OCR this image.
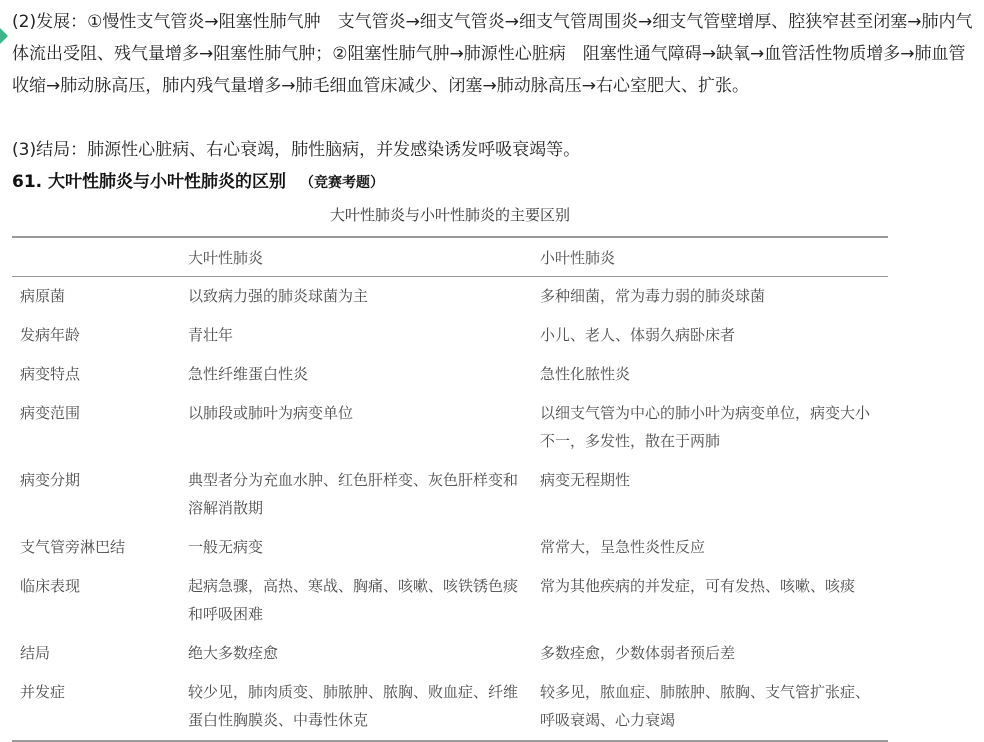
(2)发展：①慢性支气管炎→阻塞性肺气肿　支气管炎→细支气管炎→细支气管周围炎→细支气管壁增厚、腔狭窄甚至闭塞→肺内气体流出受阻、残气量增多→阻塞性肺气肿；②阻塞性肺气肿→肺源性心脏病　阻塞性通气障碍→缺氧→血管活性物质增多→肺血管收缩→肺动脉高压，肺内残气量增多→肺毛细血管床减少、闭塞→肺动脉高压→右心室肥大、扩张。

(3)结局：肺源性心脏病、右心衰竭，肺性脑病，并发感染诱发呼吸衰竭等。

61. 大叶性肺炎与小叶性肺炎的区别 （竞赛考题）
大叶性肺炎与小叶性肺炎的主要区别
	大叶性肺炎	小叶性肺炎
病原菌	以致病力强的肺炎球菌为主	多种细菌，常为毒力弱的肺炎球菌
发病年龄	青壮年	小儿、老人、体弱久病卧床者
病变特点	急性纤维蛋白性炎	急性化脓性炎
病变范围	以肺段或肺叶为病变单位	以细支气管为中心的肺小叶为病变单位，病变大小不一，多发性，散在于两肺
病变分期	典型者分为充血水肿、红色肝样变、灰色肝样变和溶解消散期	病变无程期性
支气管旁淋巴结	一般无病变	常常大，呈急性炎性反应
临床表现	起病急骤，高热、寒战、胸痛、咳嗽、咳铁锈色痰和呼吸困难	常为其他疾病的并发症，可有发热、咳嗽、咳痰
结局	绝大多数痊愈	多数痊愈，少数体弱者预后差
并发症	较少见，肺肉质变、肺脓肿、脓胸、败血症、纤维蛋白性胸膜炎、中毒性休克	较多见，脓血症、肺脓肿、脓胸、支气管扩张症、呼吸衰竭、心力衰竭
